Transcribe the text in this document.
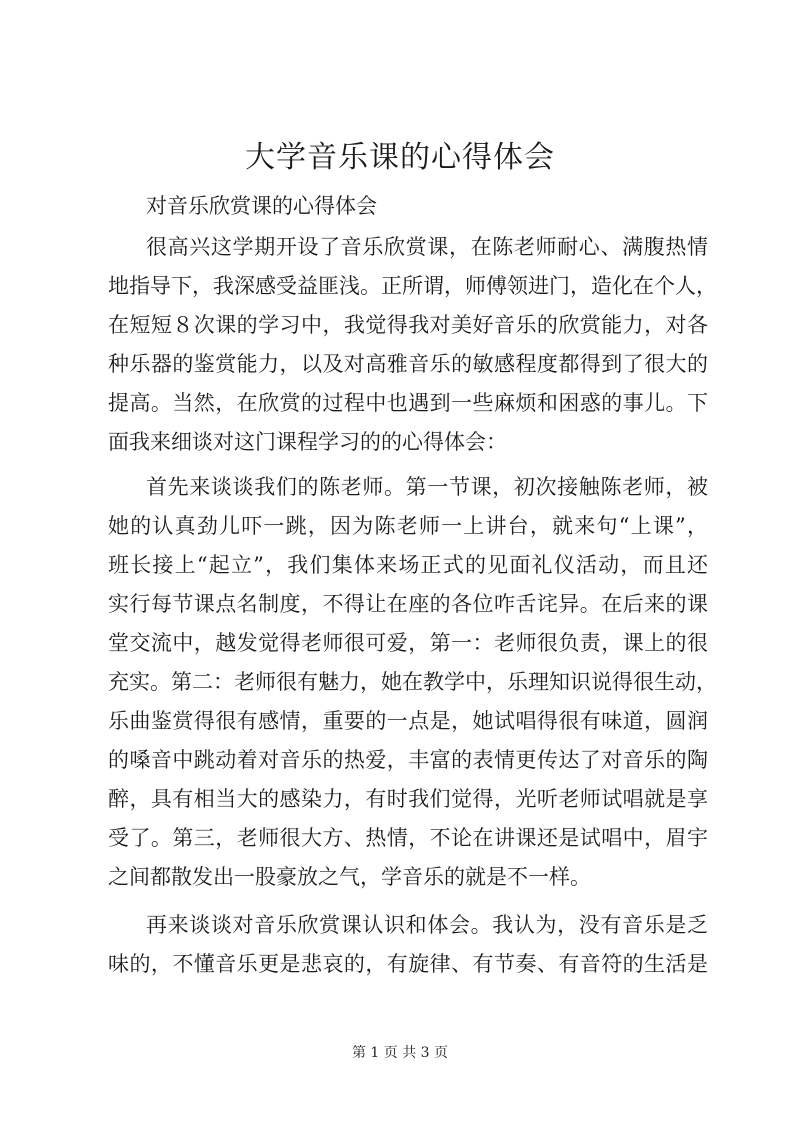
大学音乐课的心得体会

对音乐欣赏课的心得体会

很高兴这学期开设了音乐欣赏课，在陈老师耐心、满腹热情

地指导下，我深感受益匪浅。正所谓，师傅领进门，造化在个人，

在短短８次课的学习中，我觉得我对美好音乐的欣赏能力，对各

种乐器的鉴赏能力，以及对高雅音乐的敏感程度都得到了很大的

提高。当然，在欣赏的过程中也遇到一些麻烦和困惑的事儿。下

面我来细谈对这门课程学习的的心得体会：

首先来谈谈我们的陈老师。第一节课，初次接触陈老师，被

她的认真劲儿吓一跳，因为陈老师一上讲台，就来句“上课”，

班长接上“起立”，我们集体来场正式的见面礼仪活动，而且还

实行每节课点名制度，不得让在座的各位咋舌诧异。在后来的课

堂交流中，越发觉得老师很可爱，第一：老师很负责，课上的很

充实。第二：老师很有魅力，她在教学中，乐理知识说得很生动，

乐曲鉴赏得很有感情，重要的一点是，她试唱得很有味道，圆润

的嗓音中跳动着对音乐的热爱，丰富的表情更传达了对音乐的陶

醉，具有相当大的感染力，有时我们觉得，光听老师试唱就是享

受了。第三，老师很大方、热情，不论在讲课还是试唱中，眉宇

之间都散发出一股豪放之气，学音乐的就是不一样。

再来谈谈对音乐欣赏课认识和体会。我认为，没有音乐是乏

味的，不懂音乐更是悲哀的，有旋律、有节奏、有音符的生活是

第 1 页 共 3 页
